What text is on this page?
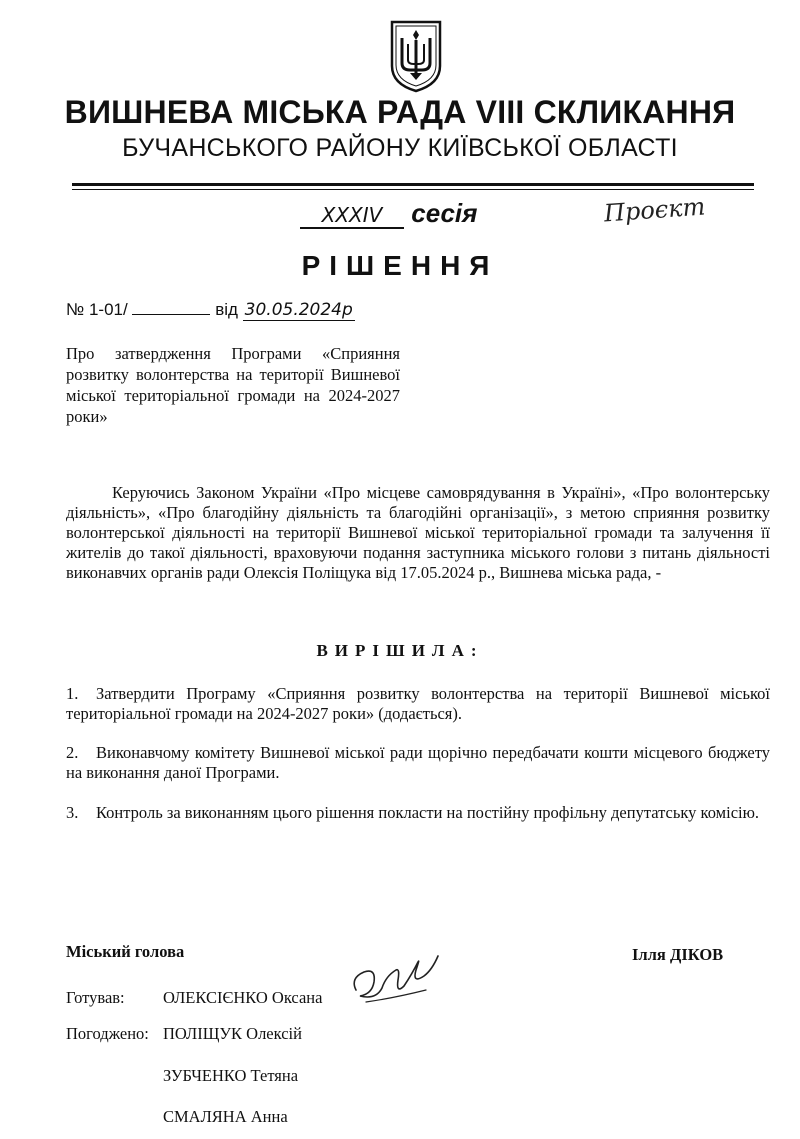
ВИШНЕВА МІСЬКА РАДА VIII СКЛИКАННЯ
БУЧАНСЬКОГО РАЙОНУ КИЇВСЬКОЇ ОБЛАСТІ
XXXIV сесія	Проєкт
РІШЕННЯ
№ 1-01/	від 30.05.2024р
Про затвердження Програми «Сприяння розвитку волонтерства на території Вишневої міської територіальної громади на 2024-2027 роки»
Керуючись Законом України «Про місцеве самоврядування в Україні», «Про волонтерську діяльність», «Про благодійну діяльність та благодійні організації», з метою сприяння розвитку волонтерської діяльності на території Вишневої міської територіальної громади та залучення її жителів до такої діяльності, враховуючи подання заступника міського голови з питань діяльності виконавчих органів ради Олексія Поліщука від 17.05.2024 р., Вишнева міська рада, -
ВИРІШИЛА:
1. Затвердити Програму «Сприяння розвитку волонтерства на території Вишневої міської територіальної громади на 2024-2027 роки» (додається).
2. Виконавчому комітету Вишневої міської ради щорічно передбачати кошти місцевого бюджету на виконання даної Програми.
3. Контроль за виконанням цього рішення покласти на постійну профільну депутатську комісію.
Міський голова	Ілля ДІКОВ
Готував: ОЛЕКСІЄНКО Оксана
Погоджено: ПОЛІЩУК Олексій
ЗУБЧЕНКО Тетяна
СМАЛЯНА Анна
